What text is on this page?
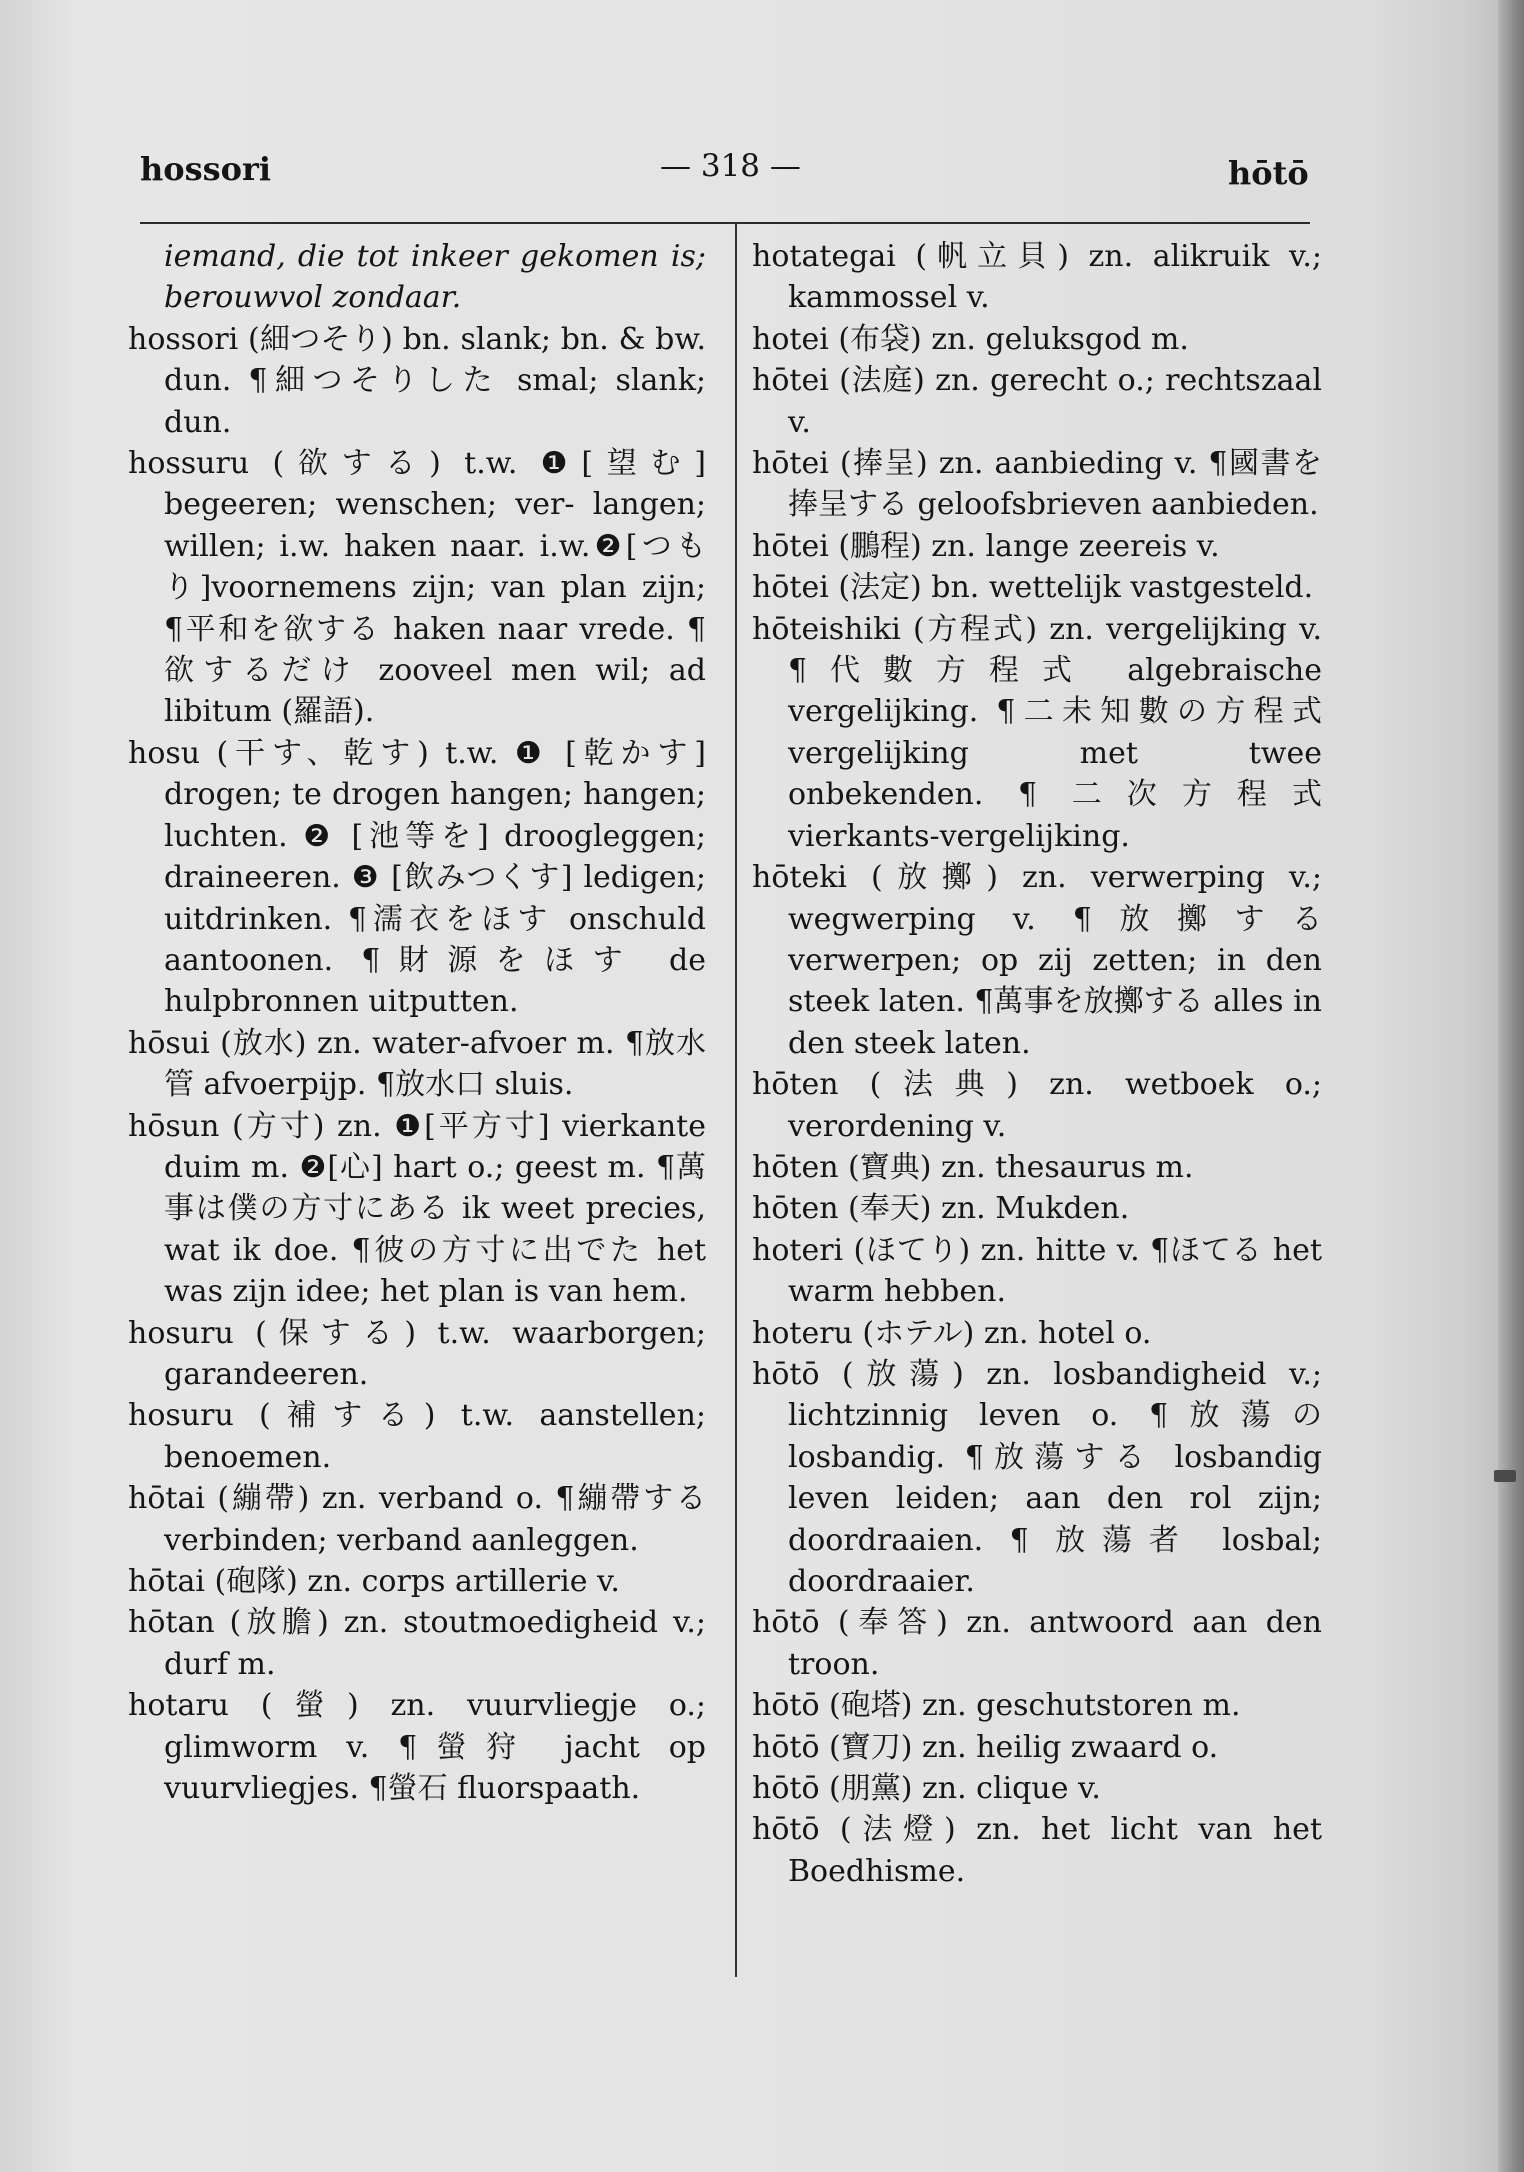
hossori	— 318 —	hōtō

iemand, die tot inkeer gekomen is; berouwvol zondaar.

hossori (細つそり) bn. slank; bn. & bw. dun. ¶細つそりした smal; slank; dun.

hossuru (欲する) t.w. ❶[望む] begeeren; wenschen; ver- langen; willen; i.w. haken naar. i.w.❷[つもり]voornemens zijn; van plan zijn; ¶平和を欲する haken naar vrede. ¶欲するだけ zooveel men wil; ad libitum (羅語).

hosu (干す、乾す) t.w. ❶ [乾かす] drogen; te drogen hangen; hangen; luchten. ❷ [池等を] droogleggen; draineeren. ❸ [飲みつくす] ledigen; uitdrinken. ¶濡衣をほす onschuld aantoonen. ¶財源をほす de hulpbronnen uitputten.

hōsui (放水) zn. water-afvoer m. ¶放水管 afvoerpijp. ¶放水口 sluis.

hōsun (方寸) zn. ❶[平方寸] vierkante duim m. ❷[心] hart o.; geest m. ¶萬事は僕の方寸にある ik weet precies, wat ik doe. ¶彼の方寸に出でた het was zijn idee; het plan is van hem.

hosuru (保する) t.w. waarborgen; garandeeren.

hosuru (補する) t.w. aanstellen; benoemen.

hōtai (繃帶) zn. verband o. ¶繃帶する verbinden; verband aanleggen.

hōtai (砲隊) zn. corps artillerie v.

hōtan (放膽) zn. stoutmoedigheid v.; durf m.

hotaru (螢) zn. vuurvliegje o.; glimworm v. ¶螢狩 jacht op vuurvliegjes. ¶螢石 fluorspaath.

hotategai (帆立貝) zn. alikruik v.; kammossel v.

hotei (布袋) zn. geluksgod m.

hōtei (法庭) zn. gerecht o.; rechtszaal v.

hōtei (捧呈) zn. aanbieding v. ¶國書を捧呈する geloofsbrieven aanbieden.

hōtei (鵬程) zn. lange zeereis v.

hōtei (法定) bn. wettelijk vastgesteld.

hōteishiki (方程式) zn. vergelijking v. ¶代數方程式 algebraische vergelijking. ¶二未知數の方程式 vergelijking met twee onbekenden. ¶ 二次方程式 vierkants-vergelijking.

hōteki (放擲) zn. verwerping v.; wegwerping v. ¶放擲する verwerpen; op zij zetten; in den steek laten. ¶萬事を放擲する alles in den steek laten.

hōten (法典) zn. wetboek o.; verordening v.

hōten (寶典) zn. thesaurus m.

hōten (奉天) zn. Mukden.

hoteri (ほてり) zn. hitte v. ¶ほてる het warm hebben.

hoteru (ホテル) zn. hotel o.

hōtō (放蕩) zn. losbandigheid v.; lichtzinnig leven o. ¶放蕩の losbandig. ¶放蕩する losbandig leven leiden; aan den rol zijn; doordraaien. ¶ 放蕩者 losbal; doordraaier.

hōtō (奉答) zn. antwoord aan den troon.

hōtō (砲塔) zn. geschutstoren m.

hōtō (寶刀) zn. heilig zwaard o.

hōtō (朋黨) zn. clique v.

hōtō (法燈) zn. het licht van het Boedhisme.
